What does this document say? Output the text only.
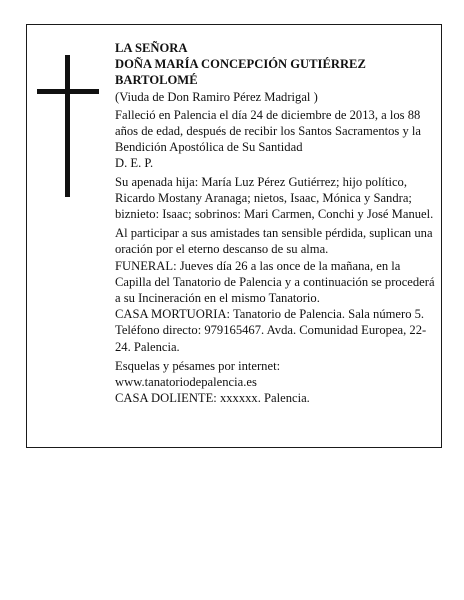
LA SEÑORA

DOÑA MARÍA CONCEPCIÓN GUTIÉRREZ BARTOLOMÉ

(Viuda de Don Ramiro Pérez Madrigal )

Falleció en Palencia el día 24 de diciembre de 2013, a los 88 años de edad, después de recibir los Santos Sacramentos y la Bendición Apostólica de Su Santidad

D. E. P.

Su apenada hija: María Luz Pérez Gutiérrez; hijo político, Ricardo Mostany Aranaga; nietos, Isaac, Mónica y Sandra; biznieto: Isaac; sobrinos: Mari Carmen, Conchi y José Manuel.

Al participar a sus amistades tan sensible pérdida, suplican una oración por el eterno descanso de su alma.

FUNERAL: Jueves día 26 a las once de la mañana, en la Capilla del Tanatorio de Palencia y a continuación se procederá a su Incineración en el mismo Tanatorio.

CASA MORTUORIA: Tanatorio de Palencia. Sala número 5. Teléfono directo: 979165467. Avda. Comunidad Europea, 22-24. Palencia.

Esquelas y pésames por internet:

www.tanatoriodepalencia.es

CASA DOLIENTE: xxxxxx. Palencia.
